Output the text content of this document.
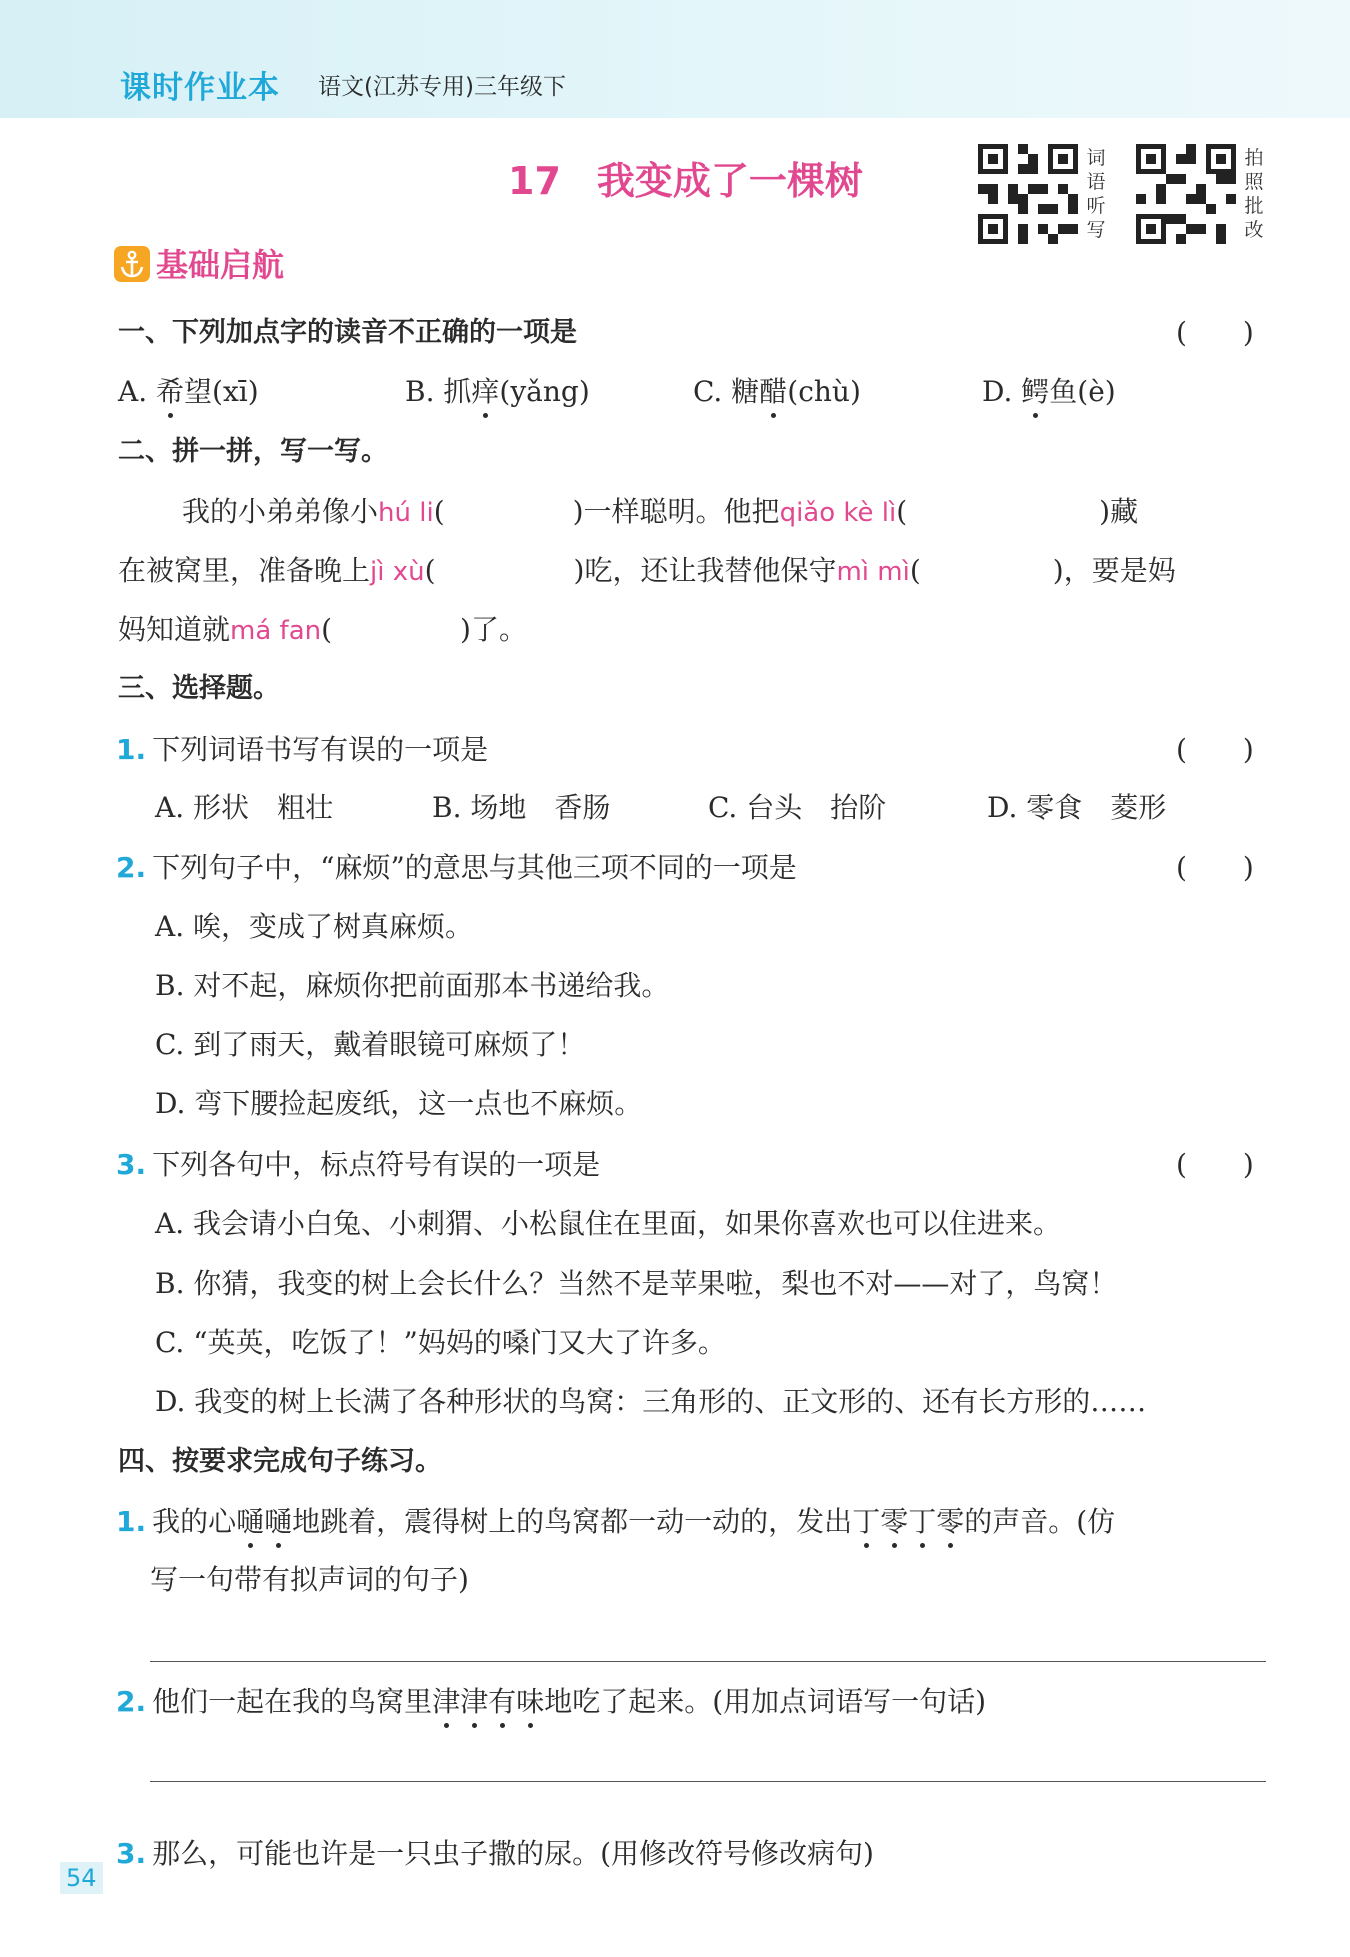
课时作业本 语文(江苏专用)三年级下
17 我变成了一棵树
词
语
听
写
拍
照
批
改
基础启航
一、下列加点字的读音不正确的一项是	(　　)
A. 希望(xī)	B. 抓痒(yǎng)	C. 糖醋(chù)	D. 鳄鱼(è)
二、拼一拼，写一写。
我的小弟弟像小hú li(	)一样聪明。他把qiǎo kè lì(	)藏
在被窝里，准备晚上jì xù(	)吃，还让我替他保守mì mì(	)，要是妈
妈知道就má fan(	)了。
三、选择题。
1. 下列词语书写有误的一项是	(　　)
A. 形状　 粗壮	B. 场地　 香肠	C. 台头　 抬阶	D. 零食　 菱形
2. 下列句子中，“麻烦”的意思与其他三项不同的一项是	(　　)
A. 唉，变成了树真麻烦。
B. 对不起，麻烦你把前面那本书递给我。
C. 到了雨天，戴着眼镜可麻烦了！
D. 弯下腰捡起废纸，这一点也不麻烦。
3. 下列各句中，标点符号有误的一项是	(　　)
A. 我会请小白兔、小刺猬、小松鼠住在里面，如果你喜欢也可以住进来。
B. 你猜，我变的树上会长什么？当然不是苹果啦，梨也不对——对了，鸟窝！
C. “英英，吃饭了！”妈妈的嗓门又大了许多。
D. 我变的树上长满了各种形状的鸟窝：三角形的、正文形的、还有长方形的……
四、按要求完成句子练习。
1. 我的心嗵嗵地跳着，震得树上的鸟窝都一动一动的，发出丁零丁零的声音。(仿
写一句带有拟声词的句子)
2. 他们一起在我的鸟窝里津津有味地吃了起来。(用加点词语写一句话)
3. 那么，可能也许是一只虫子撒的尿。(用修改符号修改病句)
54
